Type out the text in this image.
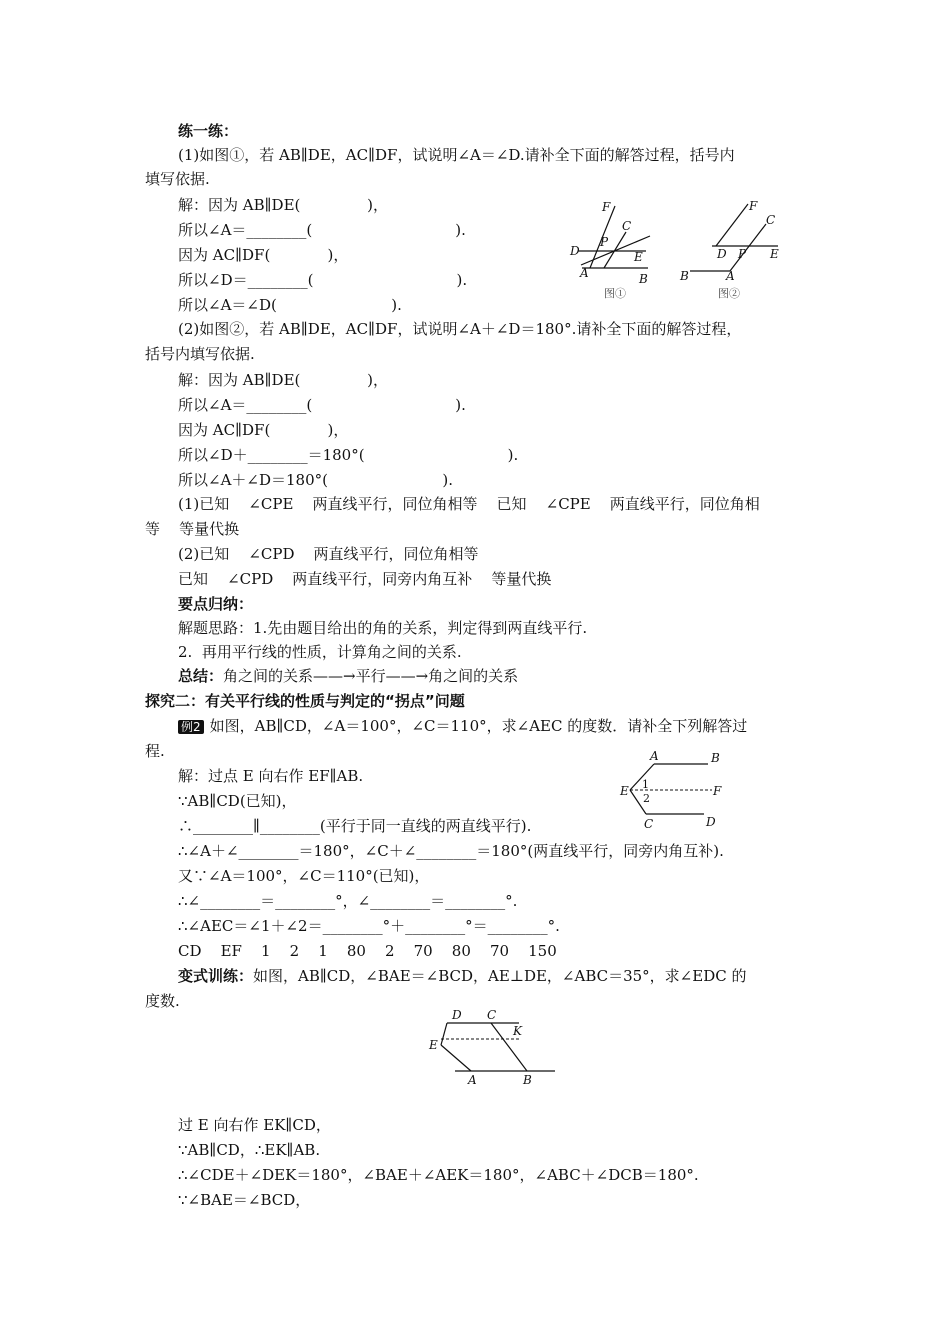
练一练：
(1)如图①，若 AB∥DE，AC∥DF，试说明∠A＝∠D.请补全下面的解答过程，括号内
填写依据.
解：因为 AB∥DE(              )，
所以∠A＝________(                              ).
因为 AC∥DF(            )，
所以∠D＝________(                              ).
所以∠A＝∠D(                        ).
(2)如图②，若 AB∥DE，AC∥DF，试说明∠A＋∠D＝180°.请补全下面的解答过程，
括号内填写依据.
解：因为 AB∥DE(              )，
所以∠A＝________(                              ).
因为 AC∥DF(            )，
所以∠D＋________＝180°(                              ).
所以∠A＋∠D＝180°(                        ).
(1)已知    ∠CPE    两直线平行，同位角相等    已知    ∠CPE    两直线平行，同位角相
等    等量代换
(2)已知    ∠CPD    两直线平行，同位角相等
已知    ∠CPD    两直线平行，同旁内角互补    等量代换
F
C
P
D	E
A	B
图①
F
C
D P E
B	A
图②
要点归纳：
解题思路：1.先由题目给出的角的关系，判定得到两直线平行.
2.  再用平行线的性质，计算角之间的关系.
总结：角之间的关系——→平行——→角之间的关系
探究二：有关平行线的性质与判定的“拐点”问题
例2 如图，AB∥CD，∠A＝100°，∠C＝110°，求∠AEC 的度数．请补全下列解答过
程.
解：过点 E 向右作 EF∥AB.
∵AB∥CD(已知)，
∴________∥________(平行于同一直线的两直线平行).
∴∠A＋∠________＝180°，∠C＋∠________＝180°(两直线平行，同旁内角互补).
又∵∠A＝100°，∠C＝110°(已知)，
∴∠________＝________°，∠________＝________°.
∴∠AEC＝∠1＋∠2＝________°＋________°＝________°.
CD    EF    1    2    1    80    2    70    80    70    150
A	B
E 1
2
F
C	D
变式训练：如图，AB∥CD，∠BAE＝∠BCD，AE⊥DE，∠ABC＝35°，求∠EDC 的
度数.
D C
K
E
A	B
过 E 向右作 EK∥CD，
∵AB∥CD，∴EK∥AB.
∴∠CDE＋∠DEK＝180°，∠BAE＋∠AEK＝180°，∠ABC＋∠DCB＝180°.
∵∠BAE＝∠BCD，
